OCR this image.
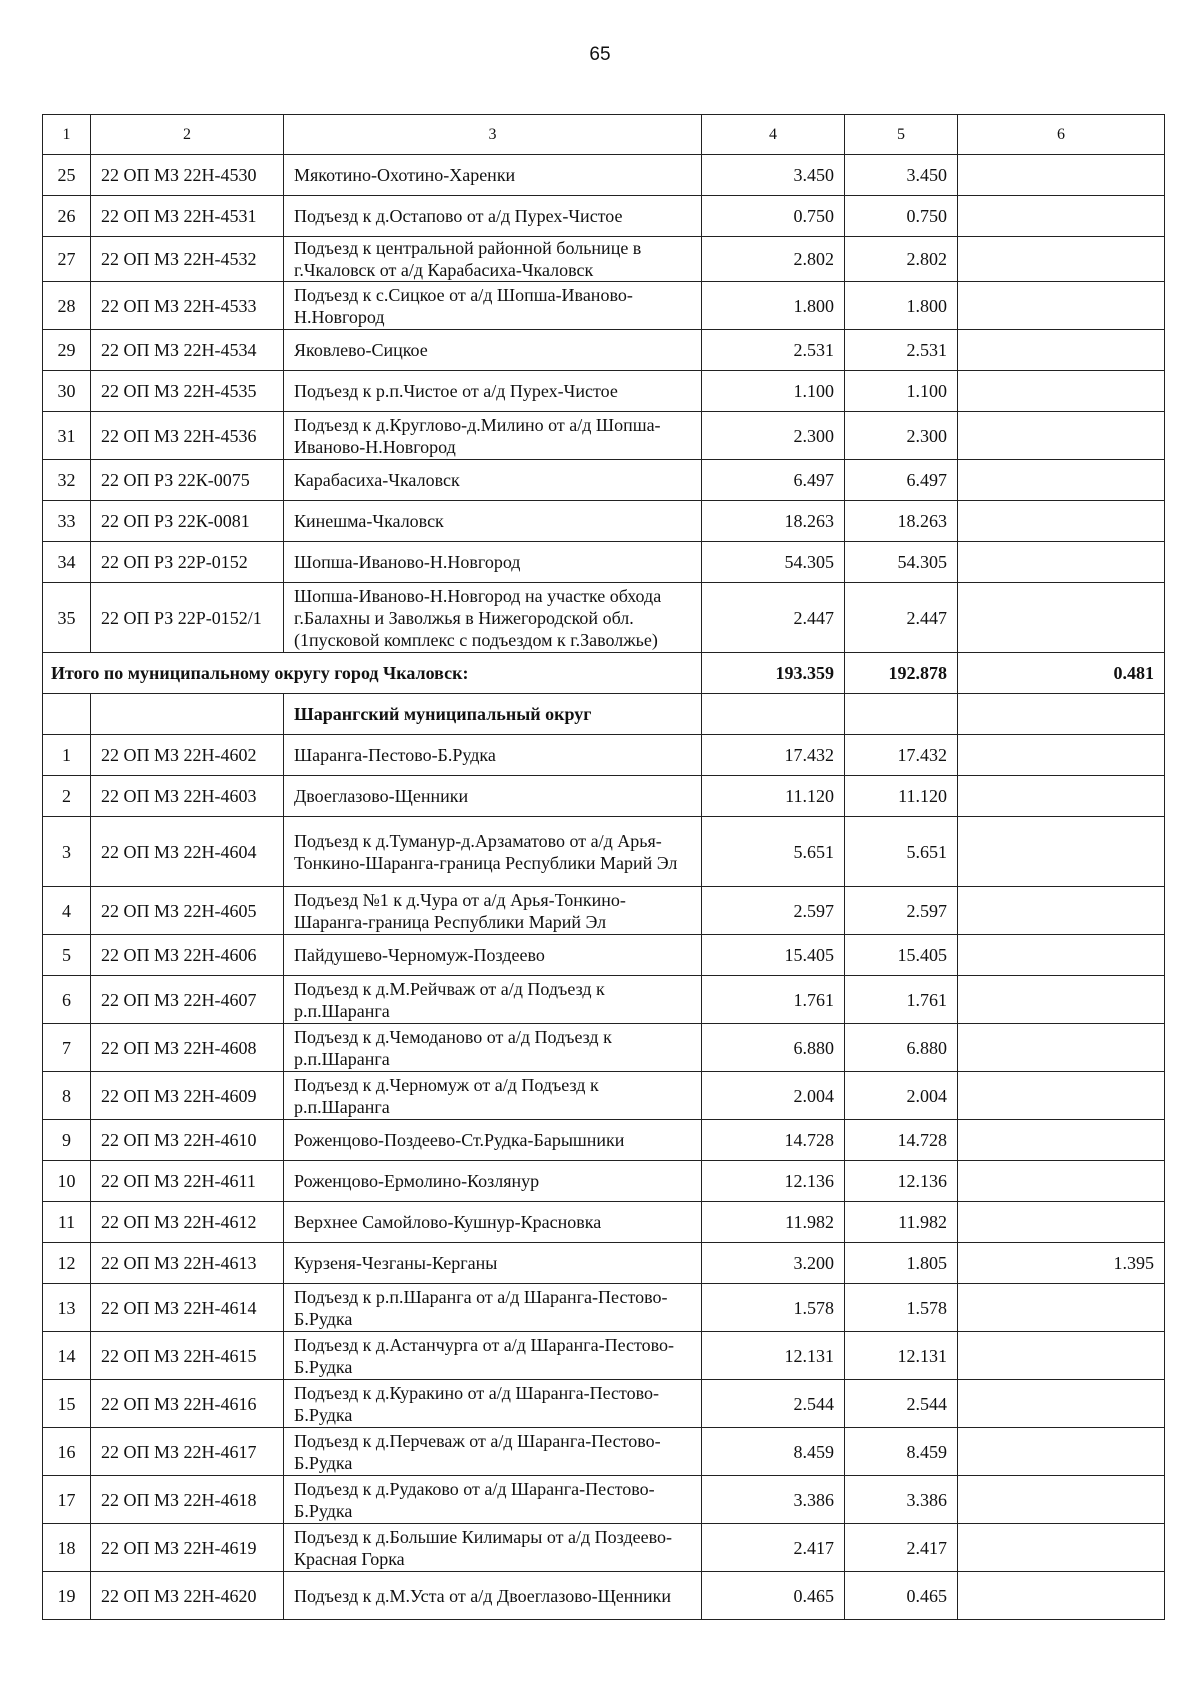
65
1	2	3	4	5	6
25	22 ОП МЗ 22Н-4530	Мякотино-Охотино-Харенки	3.450	3.450	
26	22 ОП МЗ 22Н-4531	Подъезд к д.Остапово от а/д Пурех-Чистое	0.750	0.750	
27	22 ОП МЗ 22Н-4532	Подъезд к центральной районной больнице в г.Чкаловск от а/д Карабасиха-Чкаловск	2.802	2.802	
28	22 ОП МЗ 22Н-4533	Подъезд к с.Сицкое от а/д Шопша-Иваново-Н.Новгород	1.800	1.800	
29	22 ОП МЗ 22Н-4534	Яковлево-Сицкое	2.531	2.531	
30	22 ОП МЗ 22Н-4535	Подъезд к р.п.Чистое от а/д Пурех-Чистое	1.100	1.100	
31	22 ОП МЗ 22Н-4536	Подъезд к д.Круглово-д.Милино от а/д Шопша-Иваново-Н.Новгород	2.300	2.300	
32	22 ОП РЗ 22К-0075	Карабасиха-Чкаловск	6.497	6.497	
33	22 ОП РЗ 22К-0081	Кинешма-Чкаловск	18.263	18.263	
34	22 ОП РЗ 22Р-0152	Шопша-Иваново-Н.Новгород	54.305	54.305	
35	22 ОП РЗ 22Р-0152/1	Шопша-Иваново-Н.Новгород на участке обхода г.Балахны и Заволжья в Нижегородской обл. (1пусковой комплекс с подъездом к г.Заволжье)	2.447	2.447	
Итого по муниципальному округу город Чкаловск:			193.359	192.878	0.481
		Шарангский муниципальный округ			
1	22 ОП МЗ 22Н-4602	Шаранга-Пестово-Б.Рудка	17.432	17.432	
2	22 ОП МЗ 22Н-4603	Двоеглазово-Щенники	11.120	11.120	
3	22 ОП МЗ 22Н-4604	Подъезд к д.Туманур-д.Арзаматово от а/д Арья-Тонкино-Шаранга-граница Республики Марий Эл	5.651	5.651	
4	22 ОП МЗ 22Н-4605	Подъезд №1 к д.Чура от а/д Арья-Тонкино-Шаранга-граница Республики Марий Эл	2.597	2.597	
5	22 ОП МЗ 22Н-4606	Пайдушево-Черномуж-Поздеево	15.405	15.405	
6	22 ОП МЗ 22Н-4607	Подъезд к д.М.Рейчваж от а/д Подъезд к р.п.Шаранга	1.761	1.761	
7	22 ОП МЗ 22Н-4608	Подъезд к д.Чемоданово от а/д Подъезд к р.п.Шаранга	6.880	6.880	
8	22 ОП МЗ 22Н-4609	Подъезд к д.Черномуж от а/д Подъезд к р.п.Шаранга	2.004	2.004	
9	22 ОП МЗ 22Н-4610	Роженцово-Поздеево-Ст.Рудка-Барышники	14.728	14.728	
10	22 ОП МЗ 22Н-4611	Роженцово-Ермолино-Козлянур	12.136	12.136	
11	22 ОП МЗ 22Н-4612	Верхнее Самойлово-Кушнур-Красновка	11.982	11.982	
12	22 ОП МЗ 22Н-4613	Курзеня-Чезганы-Керганы	3.200	1.805	1.395
13	22 ОП МЗ 22Н-4614	Подъезд к р.п.Шаранга от а/д Шаранга-Пестово-Б.Рудка	1.578	1.578	
14	22 ОП МЗ 22Н-4615	Подъезд к д.Астанчурга от а/д Шаранга-Пестово-Б.Рудка	12.131	12.131	
15	22 ОП МЗ 22Н-4616	Подъезд к д.Куракино от а/д Шаранга-Пестово-Б.Рудка	2.544	2.544	
16	22 ОП МЗ 22Н-4617	Подъезд к д.Перчеваж от а/д Шаранга-Пестово-Б.Рудка	8.459	8.459	
17	22 ОП МЗ 22Н-4618	Подъезд к д.Рудаково от а/д Шаранга-Пестово-Б.Рудка	3.386	3.386	
18	22 ОП МЗ 22Н-4619	Подъезд к д.Большие Килимары от а/д Поздеево-Красная Горка	2.417	2.417	
19	22 ОП МЗ 22Н-4620	Подъезд к д.М.Уста от а/д Двоеглазово-Щенники	0.465	0.465	
